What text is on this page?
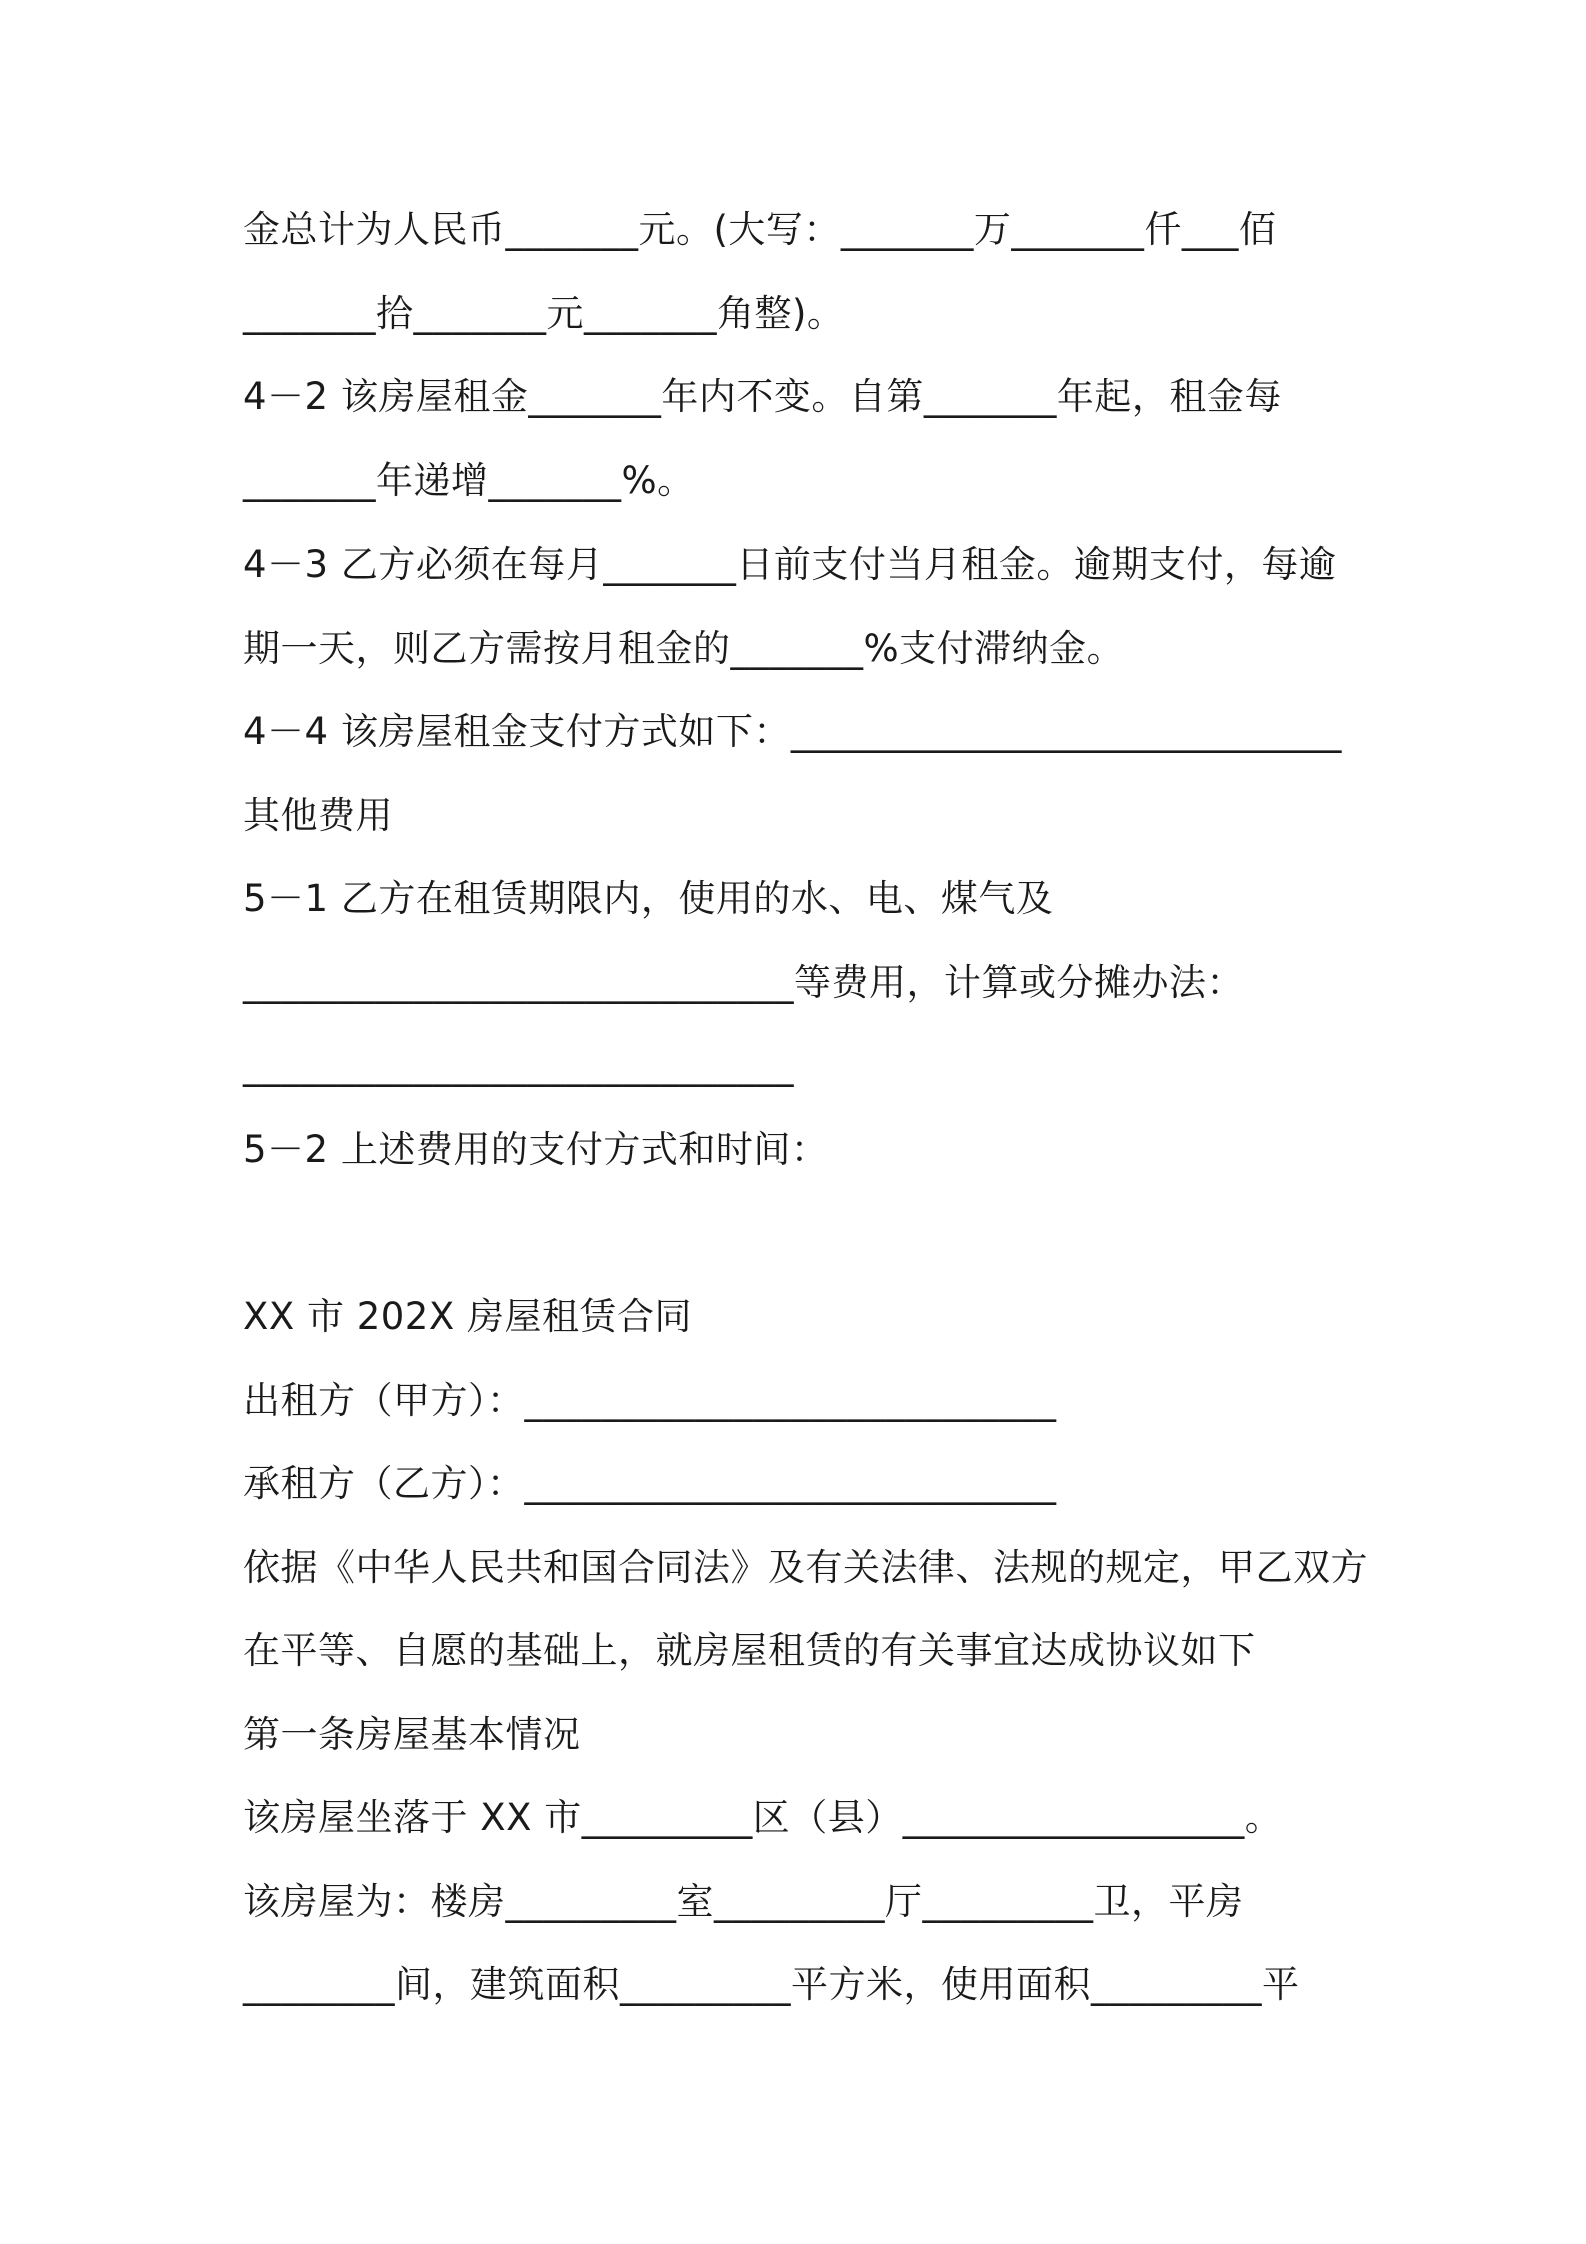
金总计为人民币_______元。(大写：_______万_______仟___佰
_______拾_______元_______角整)。
4－2 该房屋租金_______年内不变。自第_______年起，租金每
_______年递增_______%。
4－3 乙方必须在每月_______日前支付当月租金。逾期支付，每逾
期一天，则乙方需按月租金的_______%支付滞纳金。
4－4 该房屋租金支付方式如下：_____________________________
其他费用
5－1 乙方在租赁期限内，使用的水、电、煤气及
_____________________________等费用，计算或分摊办法：
_____________________________
5－2 上述费用的支付方式和时间：
XX 市 202X 房屋租赁合同
出租方（甲方）：____________________________
承租方（乙方）：____________________________
依据《中华人民共和国合同法》及有关法律、法规的规定，甲乙双方
在平等、自愿的基础上，就房屋租赁的有关事宜达成协议如下
第一条房屋基本情况
该房屋坐落于 XX 市_________区（县）__________________。
该房屋为：楼房_________室_________厅_________卫，平房
________间，建筑面积_________平方米，使用面积_________平
